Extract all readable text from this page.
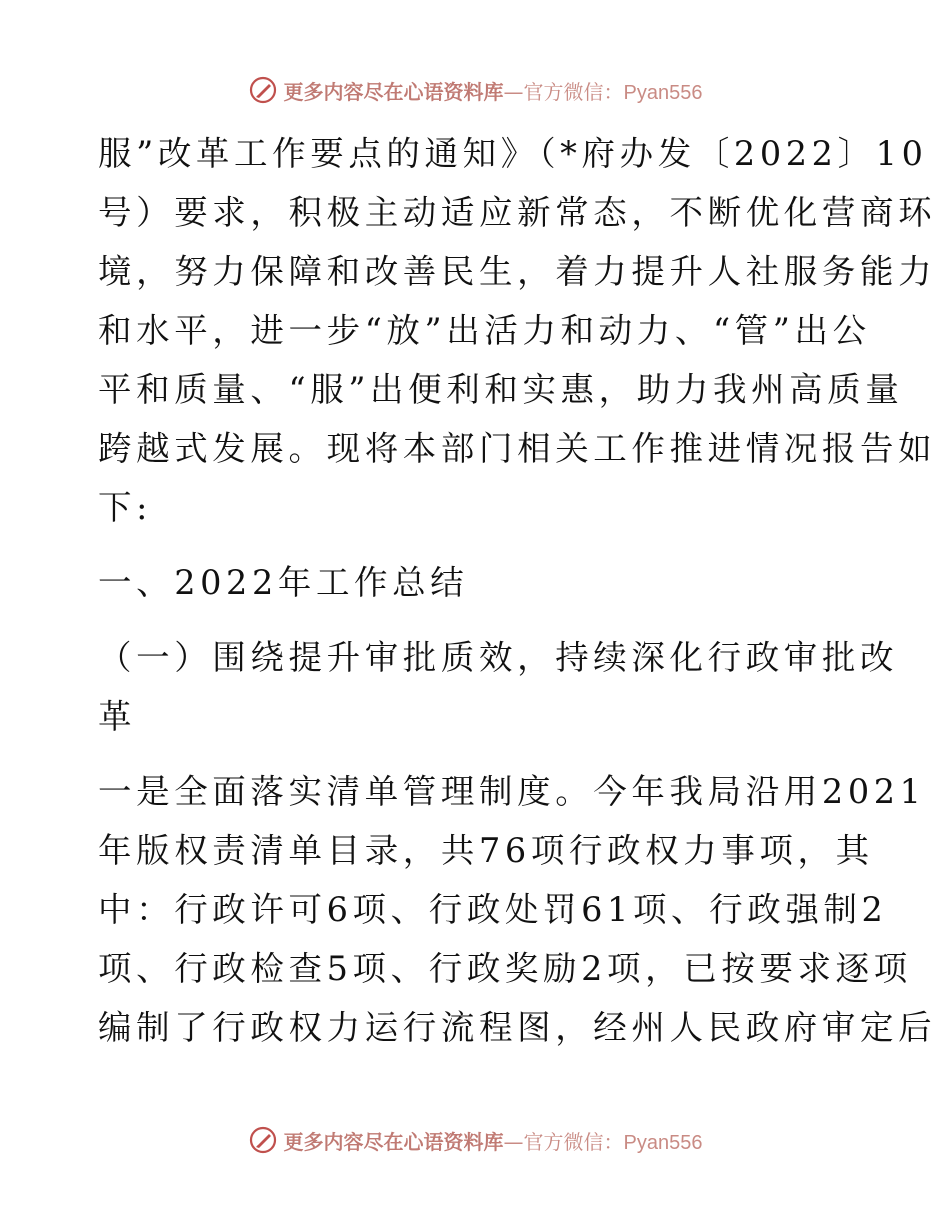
更多内容尽在心语资料库—官方微信：Pyan556

服”改革工作要点的通知》（*府办发〔2022〕10
号）要求，积极主动适应新常态，不断优化营商环
境，努力保障和改善民生，着力提升人社服务能力
和水平，进一步“放”出活力和动力、“管”出公
平和质量、“服”出便利和实惠，助力我州高质量
跨越式发展。现将本部门相关工作推进情况报告如
下:

一、2022年工作总结

（一）围绕提升审批质效，持续深化行政审批改
革

一是全面落实清单管理制度。今年我局沿用2021
年版权责清单目录，共76项行政权力事项，其
中：行政许可6项、行政处罚61项、行政强制2
项、行政检查5项、行政奖励2项，已按要求逐项
编制了行政权力运行流程图，经州人民政府审定后

更多内容尽在心语资料库—官方微信：Pyan556
